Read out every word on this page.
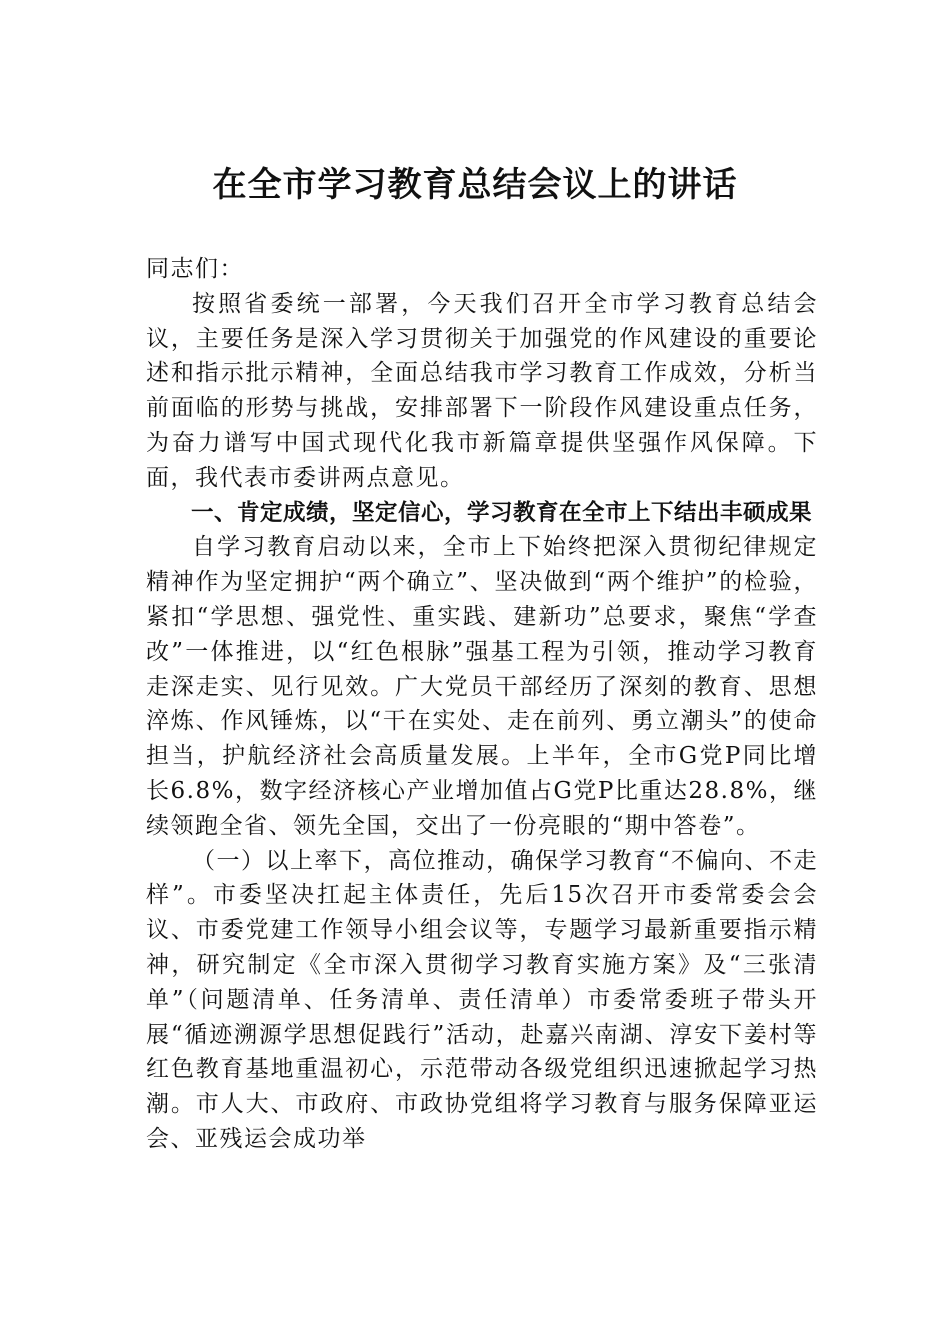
在全市学习教育总结会议上的讲话

同志们：

按照省委统一部署，今天我们召开全市学习教育总结会议，主要任务是深入学习贯彻关于加强党的作风建设的重要论述和指示批示精神，全面总结我市学习教育工作成效，分析当前面临的形势与挑战，安排部署下一阶段作风建设重点任务，为奋力谱写中国式现代化我市新篇章提供坚强作风保障。下面，我代表市委讲两点意见。

一、肯定成绩，坚定信心，学习教育在全市上下结出丰硕成果

自学习教育启动以来，全市上下始终把深入贯彻纪律规定精神作为坚定拥护“两个确立”、坚决做到“两个维护”的检验，紧扣“学思想、强党性、重实践、建新功”总要求，聚焦“学查改”一体推进，以“红色根脉”强基工程为引领，推动学习教育走深走实、见行见效。广大党员干部经历了深刻的教育、思想淬炼、作风锤炼，以“干在实处、走在前列、勇立潮头”的使命担当，护航经济社会高质量发展。上半年，全市G党P同比增长6.8%，数字经济核心产业增加值占G党P比重达28.8%，继续领跑全省、领先全国，交出了一份亮眼的“期中答卷”。

（一）以上率下，高位推动，确保学习教育“不偏向、不走样”。市委坚决扛起主体责任，先后15次召开市委常委会会议、市委党建工作领导小组会议等，专题学习最新重要指示精神，研究制定《全市深入贯彻学习教育实施方案》及“三张清单”（问题清单、任务清单、责任清单）市委常委班子带头开展“循迹溯源学思想促践行”活动，赴嘉兴南湖、淳安下姜村等红色教育基地重温初心，示范带动各级党组织迅速掀起学习热潮。市人大、市政府、市政协党组将学习教育与服务保障亚运会、亚残运会成功举
